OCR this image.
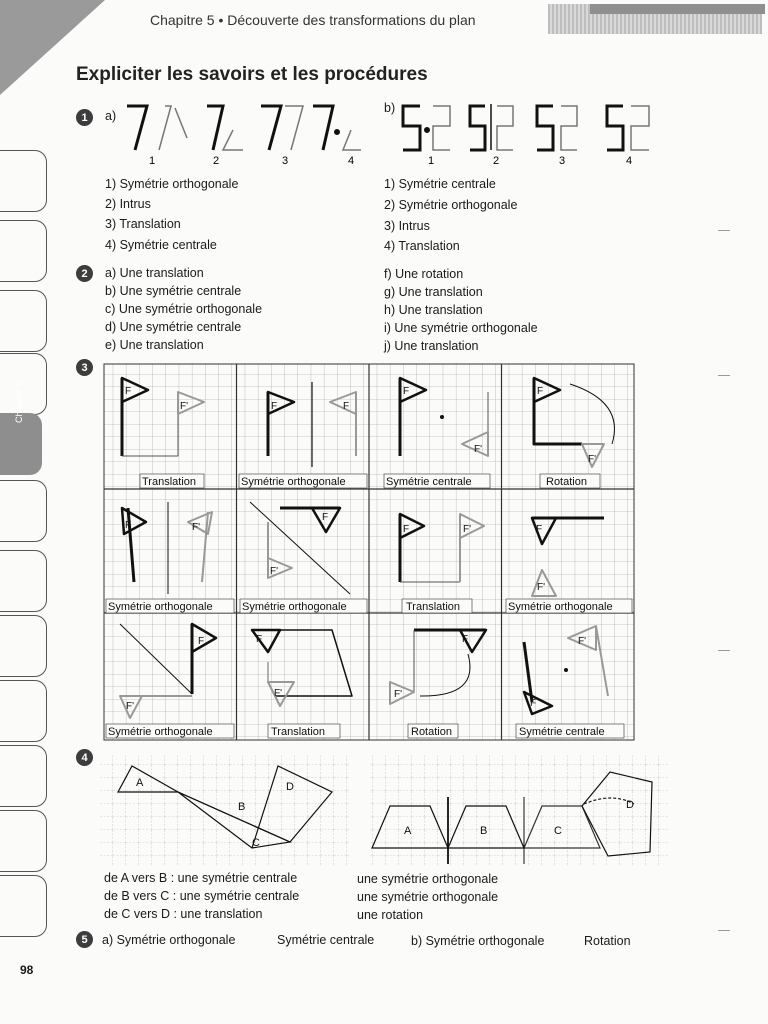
Chapitre 5 • Découverte des transformations du plan
Expliciter les savoirs et les procédures
Chapitre 5
98
1	a)
b)
1	2	3	4	1	2	3	4
1) Symétrie orthogonale
2) Intrus
3) Translation
4) Symétrie centrale
1) Symétrie centrale
2) Symétrie orthogonale
3) Intrus
4) Translation
2	a) Une translation
b) Une symétrie centrale
c) Une symétrie orthogonale
d) Une symétrie centrale
e) Une translation
f) Une rotation
g) Une translation
h) Une translation
i) Une symétrie orthogonale
j) Une translation
3
Translation	Symétrie orthogonale	Symétrie centrale	Rotation
Symétrie orthogonale	Symétrie orthogonale	Translation	Symétrie orthogonale
Symétrie orthogonale	Translation	Rotation	Symétrie centrale
F
F'	F	F
F
F'
F
F'
F	F'
F
F'
F	F'	F
F'
F
F'
F
F'
F
F'
F
F'
4
A
B
C
D
A	B	C
D
de A vers B : une symétrie centrale
de B vers C : une symétrie centrale
de C vers D : une translation
une symétrie orthogonale
une symétrie orthogonale
une rotation
5	a) Symétrie orthogonale	Symétrie centrale	b) Symétrie orthogonale	Rotation
